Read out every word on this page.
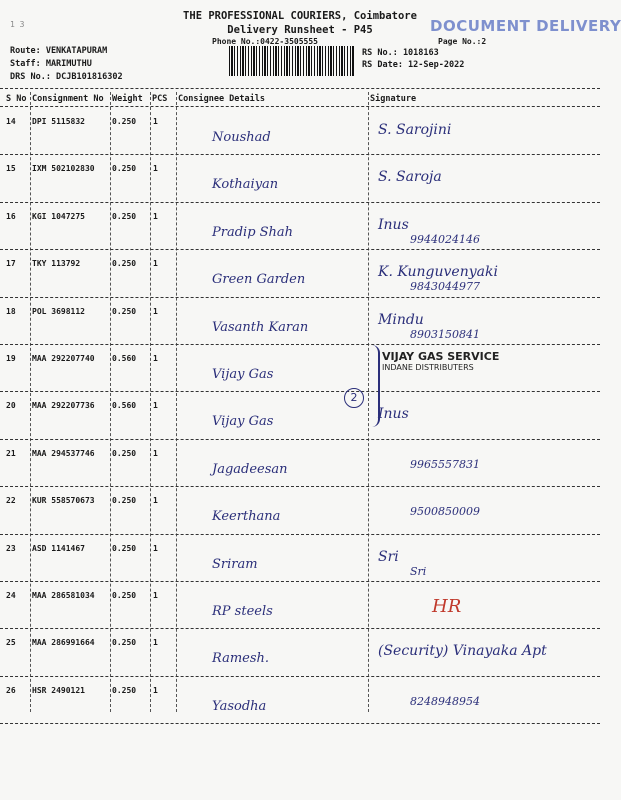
1 3
THE PROFESSIONAL COURIERS, Coimbatore
Delivery Runsheet - P45	DOCUMENT DELIVERY
Phone No.:0422-3505555	Page No.:2
Route: VENKATAPURAM
Staff: MARIMUTHU
DRS No.: DCJB101816302
RS No.: 1018163
RS Date: 12-Sep-2022
S No Consignment No Weight PCS Consignee Details	Signature
14 DPI 5115832	0.250 1
Noushad	S. Sarojini
15 IXM 502102830 0.250 1
Kothaiyan	S. Saroja
16 KGI 1047275	0.250 1
Pradip Shah	Inus
9944024146
17 TKY 113792	0.250 1
Green Garden	K. Kunguvenyaki
9843044977
18 POL 3698112	0.250 1
Vasanth Karan	Mindu
8903150841
19 MAA 292207740 0.560 1
Vijay Gas
20 MAA 292207736 0.560 1
Vijay Gas	Inus
21 MAA 294537746 0.250 1
Jagadeesan	9965557831
22 KUR 558570673 0.250 1
Keerthana	9500850009
23 ASD 1141467	0.250 1
Sriram	Sri
Sri
24 MAA 286581034 0.250 1
RP steels	HR
25 MAA 286991664 0.250 1
Ramesh.	(Security) Vinayaka Apt
26 HSR 2490121	0.250 1
Yasodha	8248948954
2
VIJAY GAS SERVICE
INDANE DISTRIBUTERS
